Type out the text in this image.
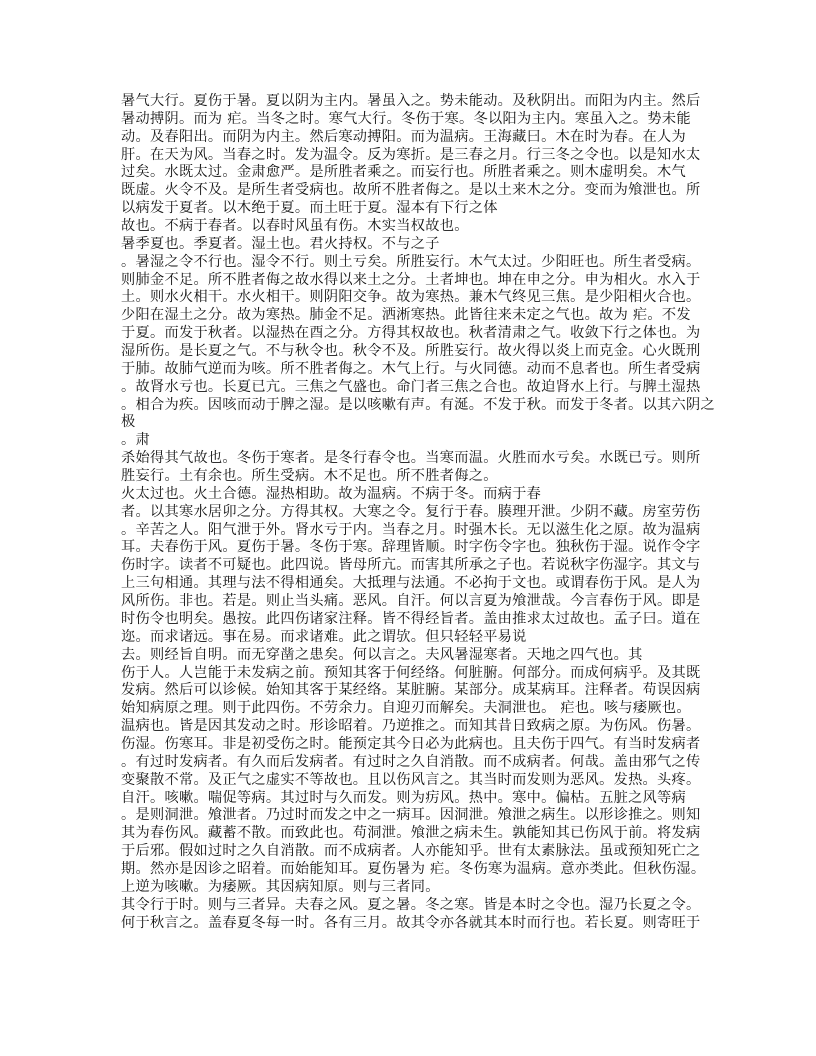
暑气大行。夏伤于暑。夏以阴为主内。暑虽入之。势未能动。及秋阴出。而阳为内主。然后
暑动搏阴。而为 疟。当冬之时。寒气大行。冬伤于寒。冬以阳为主内。寒虽入之。势未能
动。及春阳出。而阴为内主。然后寒动搏阳。而为温病。王海藏曰。木在时为春。在人为
肝。在天为风。当春之时。发为温令。反为寒折。是三春之月。行三冬之令也。以是知水太
过矣。水既太过。金肃愈严。是所胜者乘之。而妄行也。所胜者乘之。则木虚明矣。木气
既虚。火令不及。是所生者受病也。故所不胜者侮之。是以土来木之分。变而为飧泄也。所
以病发于夏者。以木绝于夏。而土旺于夏。湿本有下行之体
故也。不病于春者。以春时风虽有伤。木实当权故也。
暑季夏也。季夏者。湿土也。君火持权。不与之子
。暑湿之令不行也。湿令不行。则土亏矣。所胜妄行。木气太过。少阳旺也。所生者受病。
则肺金不足。所不胜者侮之故水得以来土之分。土者坤也。坤在申之分。申为相火。水入于
土。则水火相干。水火相干。则阴阳交争。故为寒热。兼木气终见三焦。是少阳相火合也。
少阳在湿土之分。故为寒热。肺金不足。洒淅寒热。此皆往来未定之气也。故为 疟。不发
于夏。而发于秋者。以湿热在酉之分。方得其权故也。秋者清肃之气。收敛下行之体也。为
湿所伤。是长夏之气。不与秋令也。秋令不及。所胜妄行。故火得以炎上而克金。心火既刑
于肺。故肺气逆而为咳。所不胜者侮之。木气上行。与火同德。动而不息者也。所生者受病
。故肾水亏也。长夏已亢。三焦之气盛也。命门者三焦之合也。故迫肾水上行。与脾土湿热
。相合为疾。因咳而动于脾之湿。是以咳嗽有声。有涎。不发于秋。而发于冬者。以其六阴之
极
。肃
杀始得其气故也。冬伤于寒者。是冬行春令也。当寒而温。火胜而水亏矣。水既已亏。则所
胜妄行。土有余也。所生受病。木不足也。所不胜者侮之。
火太过也。火土合德。湿热相助。故为温病。不病于冬。而病于春
者。以其寒水居卯之分。方得其权。大寒之令。复行于春。腠理开泄。少阴不藏。房室劳伤
。辛苦之人。阳气泄于外。肾水亏于内。当春之月。时强木长。无以滋生化之原。故为温病
耳。夫春伤于风。夏伤于暑。冬伤于寒。辞理皆顺。时字伤令字也。独秋伤于湿。说作令字
伤时字。读者不可疑也。此四说。皆母所亢。而害其所承之子也。若说秋字伤湿字。其文与
上三句相通。其理与法不得相通矣。大抵理与法通。不必拘于文也。或谓春伤于风。是人为
风所伤。非也。若是。则止当头痛。恶风。自汗。何以言夏为飧泄哉。今言春伤于风。即是
时伤令也明矣。愚按。此四伤诸家注释。皆不得经旨者。盖由推求太过故也。孟子曰。道在
迩。而求诸远。事在易。而求诸难。此之谓欤。但只轻轻平易说
去。则经旨自明。而无穿凿之患矣。何以言之。夫风暑湿寒者。天地之四气也。其
伤于人。人岂能于未发病之前。预知其客于何经络。何脏腑。何部分。而成何病乎。及其既
发病。然后可以诊候。始知其客于某经络。某脏腑。某部分。成某病耳。注释者。苟误因病
始知病原之理。则于此四伤。不劳余力。自迎刃而解矣。夫洞泄也。 疟也。咳与痿厥也。
温病也。皆是因其发动之时。形诊昭着。乃逆推之。而知其昔日致病之原。为伤风。伤暑。
伤湿。伤寒耳。非是初受伤之时。能预定其今日必为此病也。且夫伤于四气。有当时发病者
。有过时发病者。有久而后发病者。有过时之久自消散。而不成病者。何哉。盖由邪气之传
变聚散不常。及正气之虚实不等故也。且以伤风言之。其当时而发则为恶风。发热。头疼。
自汗。咳嗽。喘促等病。其过时与久而发。则为疠风。热中。寒中。偏枯。五脏之风等病
。是则洞泄。飧泄者。乃过时而发之中之一病耳。因洞泄。飧泄之病生。以形诊推之。则知
其为春伤风。藏蓄不散。而致此也。苟洞泄。飧泄之病未生。孰能知其已伤风于前。将发病
于后邪。假如过时之久自消散。而不成病者。人亦能知乎。世有太素脉法。虽或预知死亡之
期。然亦是因诊之昭着。而始能知耳。夏伤暑为 疟。冬伤寒为温病。意亦类此。但秋伤湿。
上逆为咳嗽。为痿厥。其因病知原。则与三者同。
其令行于时。则与三者异。夫春之风。夏之暑。冬之寒。皆是本时之令也。湿乃长夏之令。
何于秋言之。盖春夏冬每一时。各有三月。故其令亦各就其本时而行也。若长夏。则寄旺于
